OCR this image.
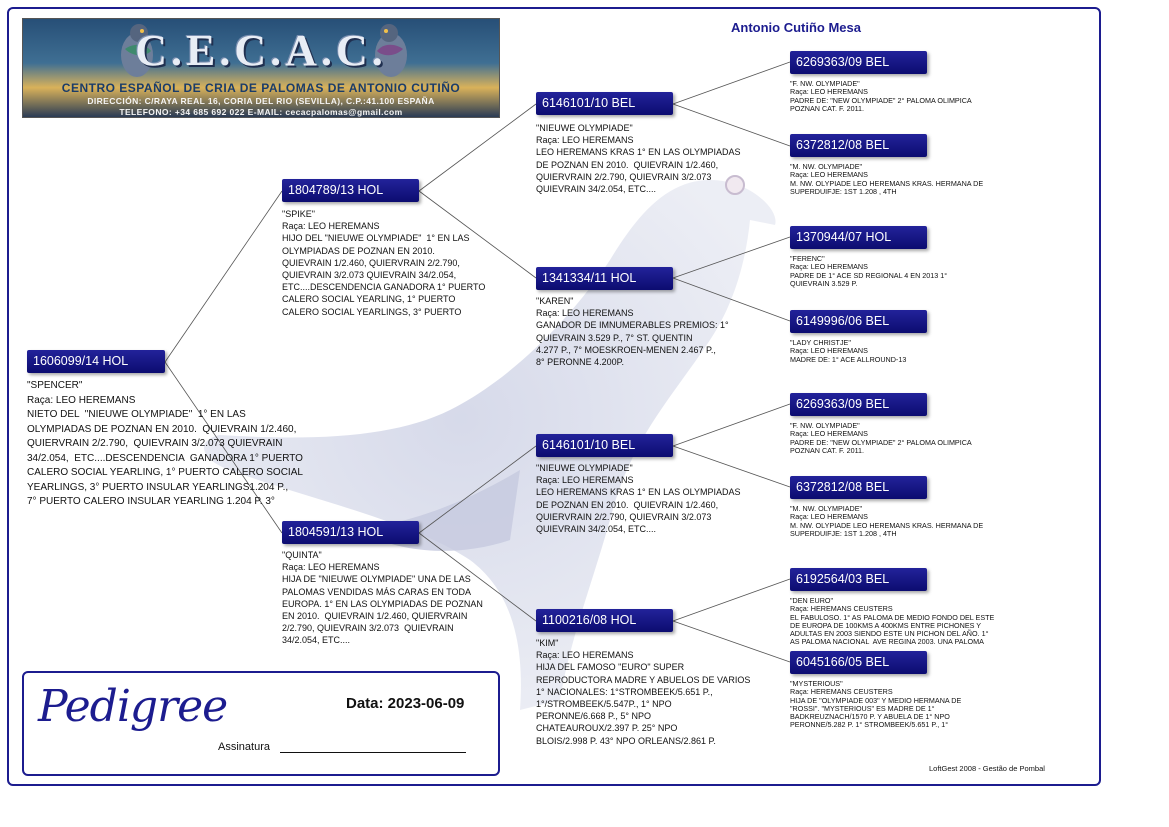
C.E.C.A.C.
CENTRO ESPAÑOL DE CRIA DE PALOMAS DE ANTONIO CUTIÑO
DIRECCIÓN: C/RAYA REAL 16, CORIA DEL RIO (SEVILLA), C.P.:41.100 ESPAÑA
TELEFONO: +34 685 692 022 E-MAIL: cecacpalomas@gmail.com
Antonio Cutiño Mesa
1606099/14 HOL
"SPENCER"
Raça: LEO HEREMANS
NIETO DEL  "NIEUWE OLYMPIADE"  1° EN LAS
OLYMPIADAS DE POZNAN EN 2010.  QUIEVRAIN 1/2.460,
QUIERVRAIN 2/2.790,  QUIEVRAIN 3/2.073 QUIEVRAIN
34/2.054,  ETC....DESCENDENCIA  GANADORA 1° PUERTO
CALERO SOCIAL YEARLING, 1° PUERTO CALERO SOCIAL
YEARLINGS, 3° PUERTO INSULAR YEARLINGS1.204 P.,
7° PUERTO CALERO INSULAR YEARLING 1.204 P. 3°
1804789/13 HOL
"SPIKE"
Raça: LEO HEREMANS
HIJO DEL "NIEUWE OLYMPIADE"  1° EN LAS
OLYMPIADAS DE POZNAN EN 2010.
QUIEVRAIN 1/2.460, QUIERVRAIN 2/2.790,
QUIEVRAIN 3/2.073 QUIEVRAIN 34/2.054,
ETC....DESCENDENCIA GANADORA 1° PUERTO
CALERO SOCIAL YEARLING, 1° PUERTO
CALERO SOCIAL YEARLINGS, 3° PUERTO
1804591/13 HOL
"QUINTA"
Raça: LEO HEREMANS
HIJA DE "NIEUWE OLYMPIADE" UNA DE LAS
PALOMAS VENDIDAS MÁS CARAS EN TODA
EUROPA. 1° EN LAS OLYMPIADAS DE POZNAN
EN 2010.  QUIEVRAIN 1/2.460, QUIERVRAIN
2/2.790, QUIEVRAIN 3/2.073  QUIEVRAIN
34/2.054, ETC....
6146101/10 BEL
"NIEUWE OLYMPIADE"
Raça: LEO HEREMANS
LEO HEREMANS KRAS 1° EN LAS OLYMPIADAS
DE POZNAN EN 2010.  QUIEVRAIN 1/2.460,
QUIERVRAIN 2/2.790, QUIEVRAIN 3/2.073
QUIEVRAIN 34/2.054, ETC....
1341334/11 HOL
"KAREN"
Raça: LEO HEREMANS
GANADOR DE IMNUMERABLES PREMIOS: 1°
QUIEVRAIN 3.529 P., 7° ST. QUENTIN
4.277 P., 7° MOESKROEN-MENEN 2.467 P.,
8° PERONNE 4.200P.
6146101/10 BEL
"NIEUWE OLYMPIADE"
Raça: LEO HEREMANS
LEO HEREMANS KRAS 1° EN LAS OLYMPIADAS
DE POZNAN EN 2010.  QUIEVRAIN 1/2.460,
QUIERVRAIN 2/2.790, QUIEVRAIN 3/2.073
QUIEVRAIN 34/2.054, ETC....
1100216/08 HOL
"KIM"
Raça: LEO HEREMANS
HIJA DEL FAMOSO "EURO" SUPER
REPRODUCTORA MADRE Y ABUELOS DE VARIOS
1° NACIONALES: 1°STROMBEEK/5.651 P.,
1°/STROMBEEK/5.547P., 1° NPO
PERONNE/6.668 P., 5° NPO
CHATEAUROUX/2.397 P. 25° NPO
BLOIS/2.998 P. 43° NPO ORLEANS/2.861 P.
6269363/09 BEL
"F. NW. OLYMPIADE"
Raça: LEO HEREMANS
PADRE DE: "NEW OLYMPIADE" 2° PALOMA OLIMPICA
POZNAN CAT. F. 2011.
6372812/08 BEL
"M. NW. OLYMPIADE"
Raça: LEO HEREMANS
M. NW. OLYPIADE LEO HEREMANS KRAS. HERMANA DE
SUPERDUIFJE: 1ST 1.208 , 4TH
1370944/07 HOL
"FERENC"
Raça: LEO HEREMANS
PADRE DE 1° ACE SD REGIONAL 4 EN 2013 1°
QUIEVRAIN 3.529 P.
6149996/06 BEL
"LADY CHRISTJE"
Raça: LEO HEREMANS
MADRE DE: 1° ACE ALLROUND-13
6269363/09 BEL
"F. NW. OLYMPIADE"
Raça: LEO HEREMANS
PADRE DE: "NEW OLYMPIADE" 2° PALOMA OLIMPICA
POZNAN CAT. F. 2011.
6372812/08 BEL
"M. NW. OLYMPIADE"
Raça: LEO HEREMANS
M. NW. OLYPIADE LEO HEREMANS KRAS. HERMANA DE
SUPERDUIFJE: 1ST 1.208 , 4TH
6192564/03 BEL
"DEN EURO"
Raça: HEREMANS CEUSTERS
EL FABULOSO. 1° AS PALOMA DE MEDIO FONDO DEL ESTE
DE EUROPA DE 100KMS A 400KMS ENTRE PICHONES Y
ADULTAS EN 2003 SIENDO ESTE UN PICHON DEL AÑO. 1°
AS PALOMA NACIONAL  AVE REGINA 2003. UNA PALOMA
6045166/05 BEL
"MYSTERIOUS"
Raça: HEREMANS CEUSTERS
HIJA DE "OLYMPIADE 003" Y MEDIO HERMANA DE
"ROSSI". "MYSTERIOUS" ES MADRE DE 1°
BADKREUZNACH/1570 P. Y ABUELA DE 1° NPO
PERONNE/5.282 P. 1° STROMBEEK/5.651 P., 1°
Pedigree	Data: 2023-06-09
Assinatura
LoftGest 2008 - Gestão de Pombal
